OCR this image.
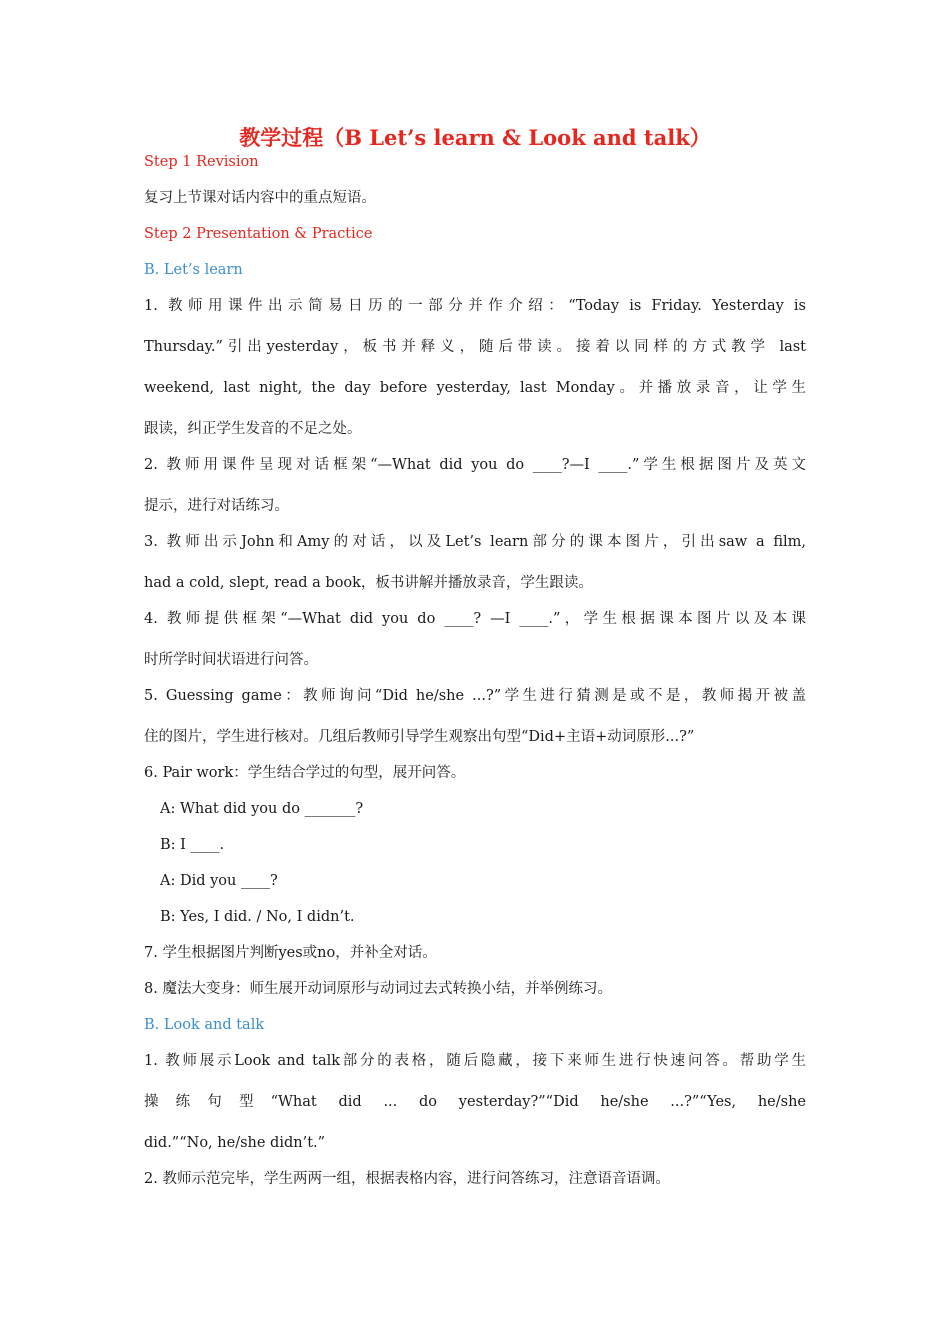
教学过程（B Let’s learn & Look and talk）
Step 1 Revision
复习上节课对话内容中的重点短语。
Step 2 Presentation & Practice
B. Let’s learn
1. 教师用课件出示简易日历的一部分并作介绍：“Today is Friday. Yesterday is
Thursday.”引出yesterday，板书并释义，随后带读。接着以同样的方式教学 last
weekend, last night, the day before yesterday, last Monday。并播放录音，让学生
跟读，纠正学生发音的不足之处。
2. 教师用课件呈现对话框架“—What did you do ____?—I ____.”学生根据图片及英文
提示，进行对话练习。
3. 教师出示John和Amy的对话，以及Let’s learn部分的课本图片，引出saw a film,
had a cold, slept, read a book，板书讲解并播放录音，学生跟读。
4. 教师提供框架“—What did you do ____? —I ____.”，学生根据课本图片以及本课
时所学时间状语进行问答。
5. Guessing game：教师询问“Did he/she ...?”学生进行猜测是或不是，教师揭开被盖
住的图片，学生进行核对。几组后教师引导学生观察出句型“Did+主语+动词原形...?”
6. Pair work：学生结合学过的句型，展开问答。
A: What did you do _______?
B: I ____.
A: Did you ____?
B: Yes, I did. / No, I didn’t.
7. 学生根据图片判断yes或no，并补全对话。
8. 魔法大变身：师生展开动词原形与动词过去式转换小结，并举例练习。
B. Look and talk
1. 教师展示Look and talk部分的表格，随后隐藏，接下来师生进行快速问答。帮助学生
操练句型“What did ... do yesterday?”“Did he/she ...?”“Yes, he/she
did.”“No, he/she didn’t.”
2. 教师示范完毕，学生两两一组，根据表格内容，进行问答练习，注意语音语调。
